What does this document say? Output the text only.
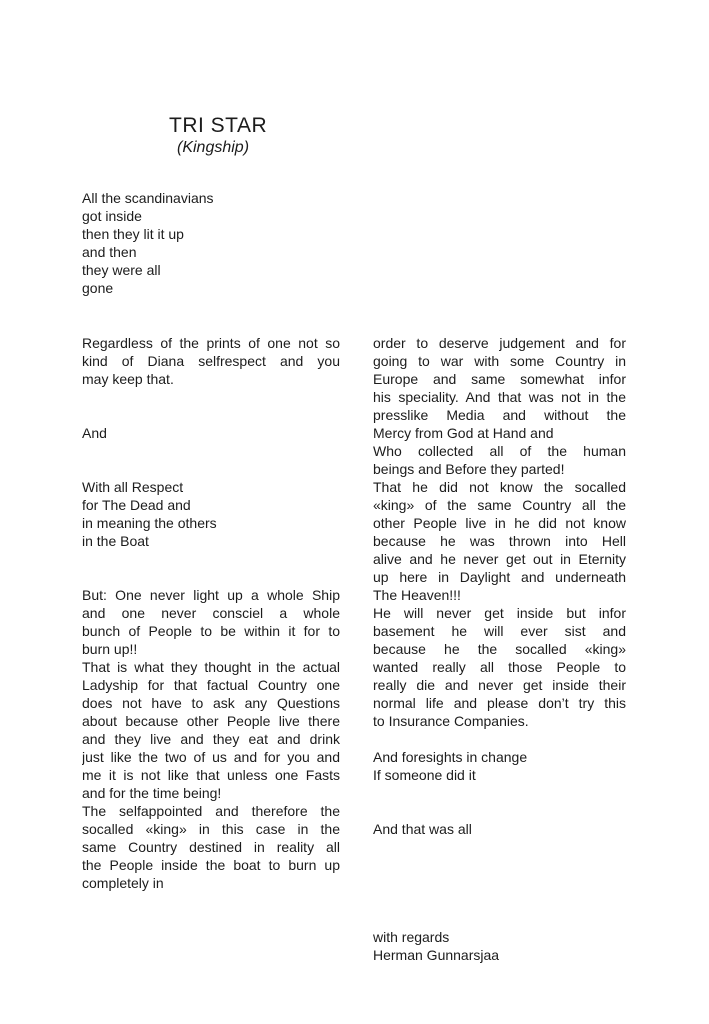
TRI STAR
(Kingship)
All the scandinavians
got inside
then they lit it up
and then
they were all
gone
Regardless of the prints of one not so
kind of Diana selfrespect and you
may keep that.
And
With all Respect
for The Dead and
in meaning the others
in the Boat
But: One never light up a whole Ship
and one never consciel a whole
bunch of People to be within it for to
burn up!!
That is what they thought in the actual
Ladyship for that factual Country one
does not have to ask any Questions
about because other People live there
and they live and they eat and drink
just like the two of us and for you and
me it is not like that unless one Fasts
and for the time being!
The selfappointed and therefore the
socalled «king» in this case in the
same Country destined in reality all
the People inside the boat to burn up
completely in
order to deserve judgement and for
going to war with some Country in
Europe and same somewhat infor
his speciality. And that was not in the
presslike Media and without the
Mercy from God at Hand and
Who collected all of the human
beings and Before they parted!
That he did not know the socalled
«king» of the same Country all the
other People live in he did not know
because he was thrown into Hell
alive and he never get out in Eternity
up here in Daylight and underneath
The Heaven!!!
He will never get inside but infor
basement he will ever sist and
because he the socalled «king»
wanted really all those People to
really die and never get inside their
normal life and please don’t try this
to Insurance Companies.
And foresights in change
If someone did it
And that was all
with regards
Herman Gunnarsjaa
